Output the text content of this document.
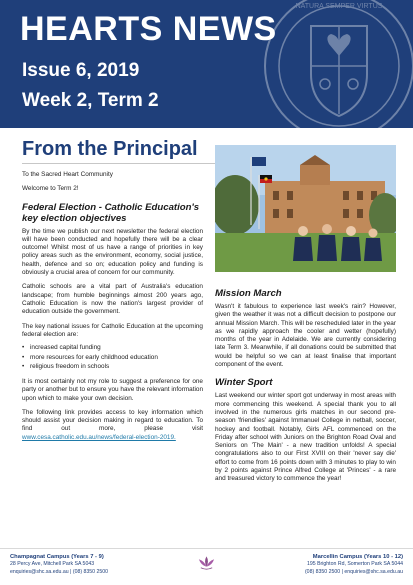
HEARTS NEWS
Issue 6, 2019
Week 2, Term 2
NATURA SEMPER VIRTUS
SACRED HEART COLLEGE
From the Principal
To the Sacred Heart Community
Welcome to Term 2!
Federal Election - Catholic Education's key election objectives
By the time we publish our next newsletter the federal election will have been conducted and hopefully there will be a clear outcome! Whilst most of us have a range of priorities in key policy areas such as the environment, economy, social justice, health, defence and so on; education policy and funding is obviously a crucial area of concern for our community.
Catholic schools are a vital part of Australia's education landscape; from humble beginnings almost 200 years ago, Catholic Education is now the nation's largest provider of education outside the government.
The key national issues for Catholic Education at the upcoming federal election are:
• increased capital funding
• more resources for early childhood education
• religious freedom in schools
It is most certainly not my role to suggest a preference for one party or another but to ensure you have the relevant information upon which to make your own decision.
The following link provides access to key information which should assist your decision making in regard to education. To find out more, please visit www.cesa.catholic.edu.au/news/federal-election-2019.
Mission March
Wasn't it fabulous to experience last week's rain? However, given the weather it was not a difficult decision to postpone our annual Mission March. This will be rescheduled later in the year as we rapidly approach the cooler and wetter (hopefully) months of the year in Adelaide. We are currently considering late Term 3. Meanwhile, if all donations could be submitted that would be helpful so we can at least finalise that important component of the event.
Winter Sport
Last weekend our winter sport got underway in most areas with more commencing this weekend. A special thank you to all involved in the numerous girls matches in our second pre-season 'friendlies' against Immanuel College in netball, soccer, hockey and football. Notably, Girls AFL commenced on the Friday after school with Juniors on the Brighton Road Oval and Seniors on 'The Main' - a new tradition unfolds! A special congratulations also to our First XVIII on their 'never say die' effort to come from 16 points down with 3 minutes to play to win by 2 points against Prince Alfred College at 'Princes' - a rare and treasured victory to commence the year!
Champagnat Campus (Years 7 - 9)
28 Percy Ave, Mitchell Park SA 5043
enquiries@shc.sa.edu.au | (08) 8350 2500
Marcellin Campus (Years 10 - 12)
195 Brighton Rd, Somerton Park SA 5044
(08) 8350 2500 | enquiries@shc.sa.edu.au
